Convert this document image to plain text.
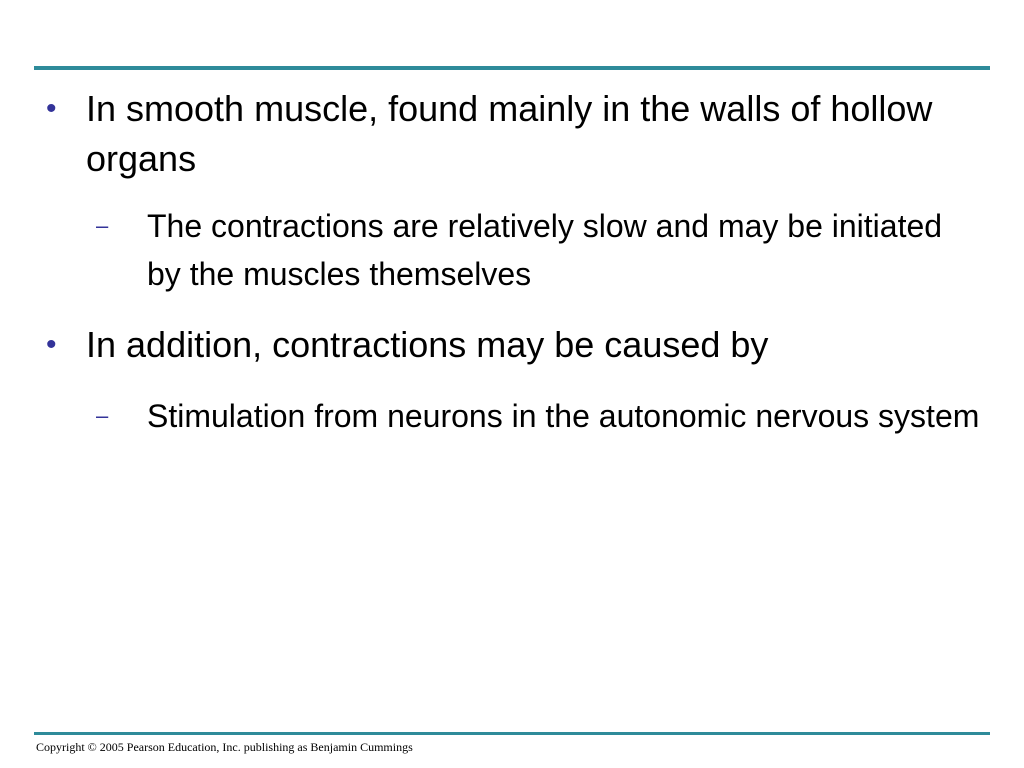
• In smooth muscle, found mainly in the walls of hollow organs

– The contractions are relatively slow and may be initiated by the muscles themselves

• In addition, contractions may be caused by

– Stimulation from neurons in the autonomic nervous system

Copyright © 2005 Pearson Education, Inc. publishing as Benjamin Cummings
